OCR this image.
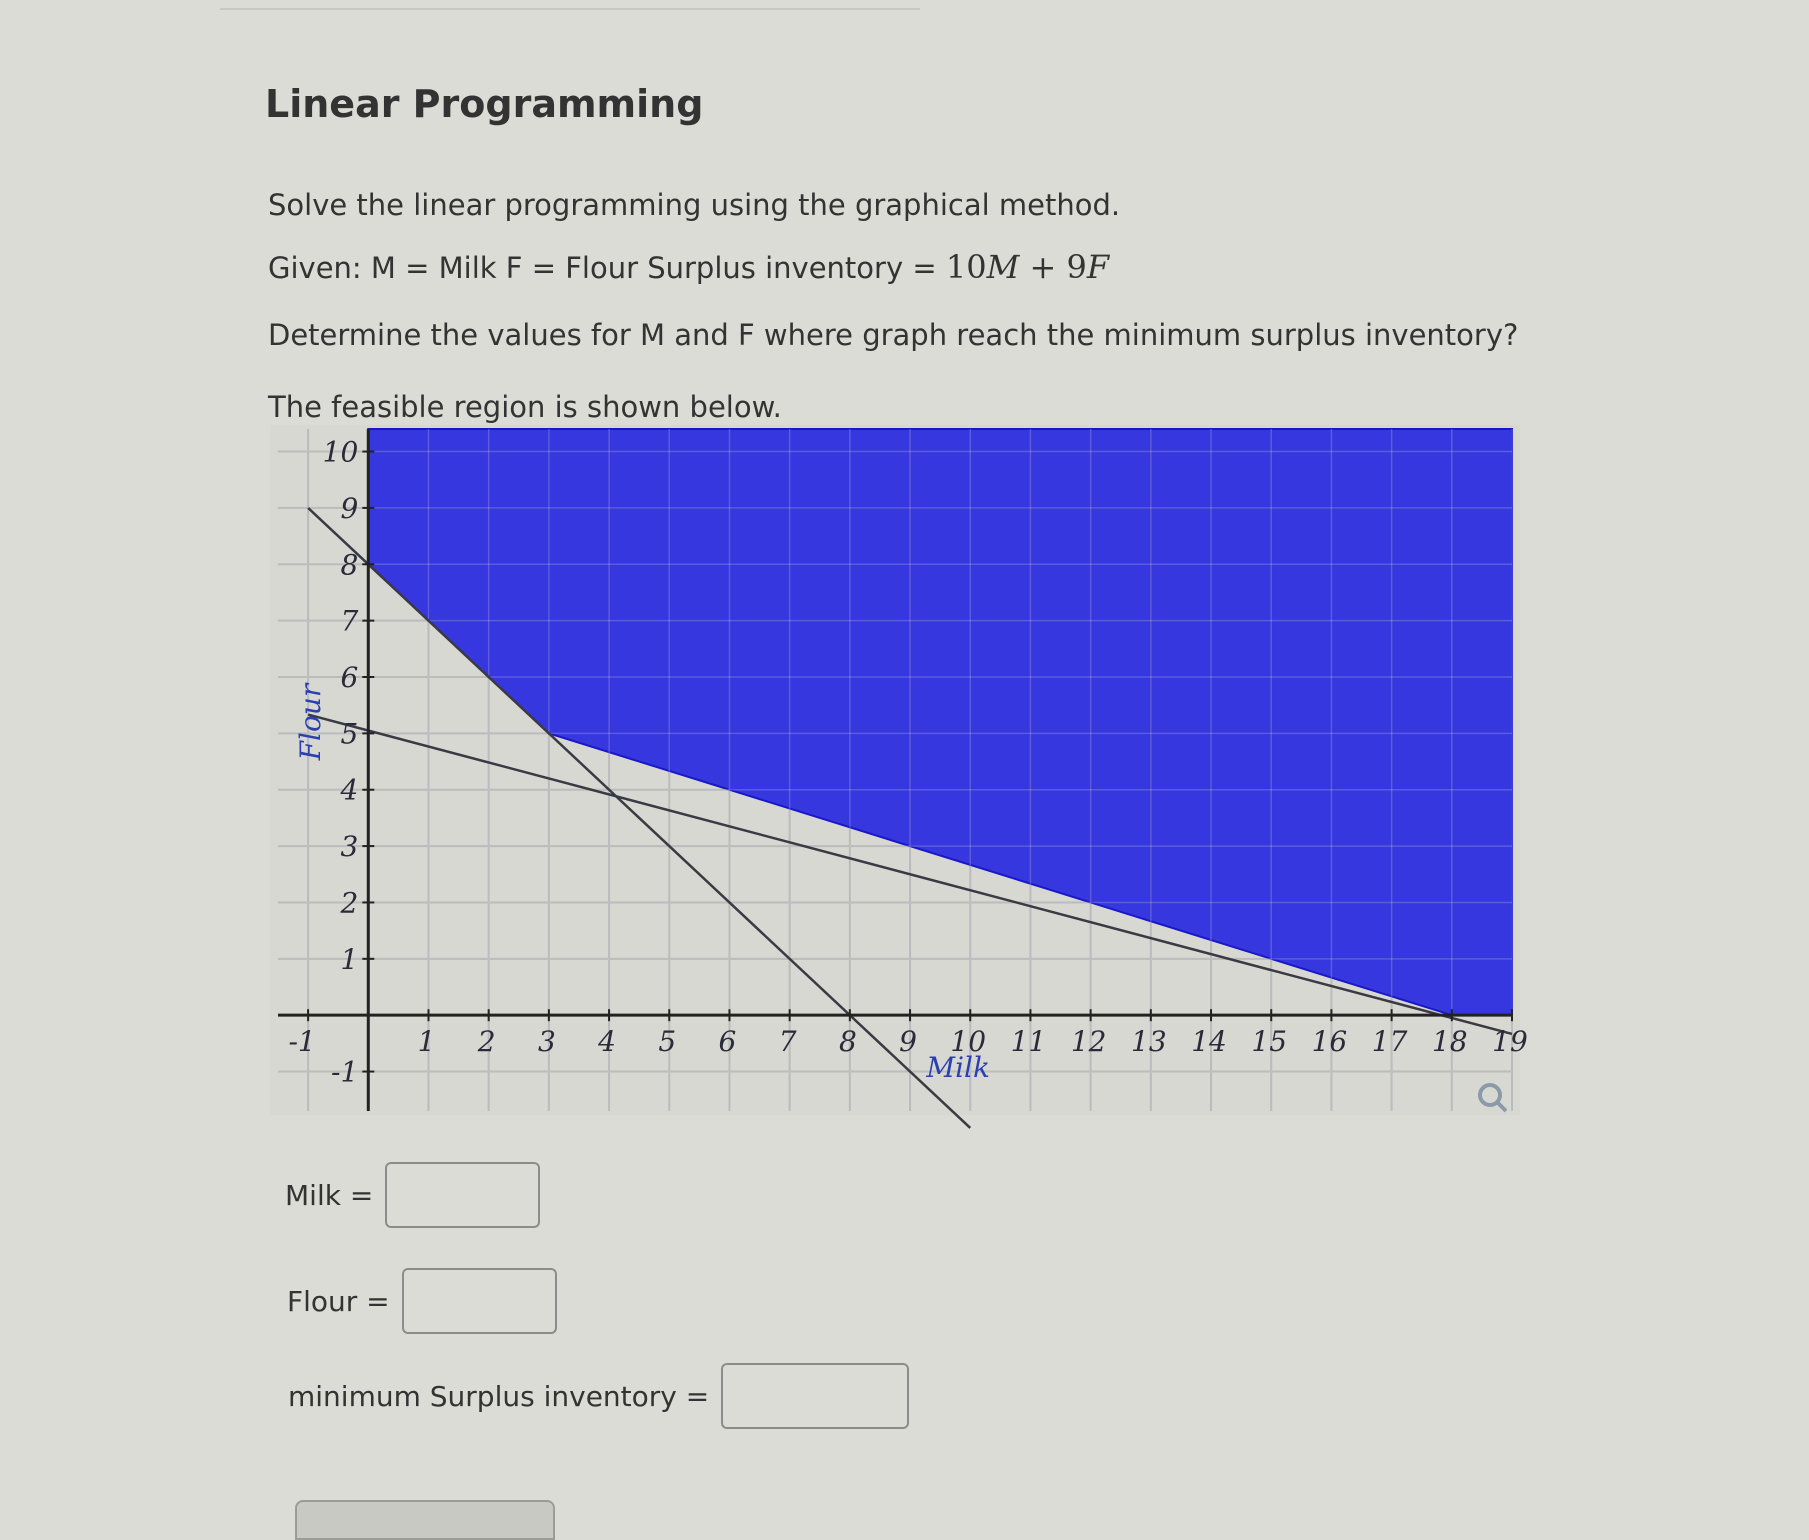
Linear Programming

Solve the linear programming using the graphical method.

Given: M = Milk F = Flour Surplus inventory = 10M + 9F

Determine the values for M and F where graph reach the minimum surplus inventory?

The feasible region is shown below.

-1	1 2 3 4 5 6 7 8 9 10 11 12 13 14 15 16 17 18 19
-1
1
2
3
4
5
6
7
8
9
10
Milk
Flour
Milk =
Flour =
minimum Surplus inventory =
